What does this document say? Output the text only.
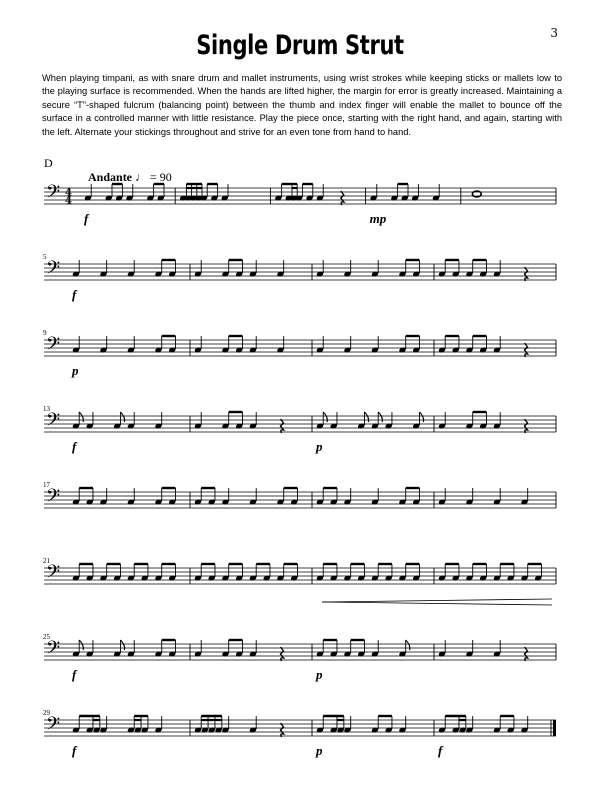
3
Single Drum Strut
When playing timpani, as with snare drum and mallet instruments, using wrist strokes while keeping sticks or mallets low to the playing surface is recommended. When the hands are lifted higher, the margin for error is greatly increased. Maintaining a secure “T”-shaped fulcrum (balancing point) between the thumb and index finger will enable the mallet to bounce off the surface in a controlled manner with little resistance. Play the piece once, starting with the right hand, and again, starting with the left. Alternate your stickings throughout and strive for an even tone from hand to hand.
D
Andante ♩ = 90
𝄢 4
4
f	mp
𝄢
5
f
𝄢
9
p
𝄢
13
f	p
𝄢
17
𝄢
21
𝄢
25
f	p
𝄢
29
f	p	f
